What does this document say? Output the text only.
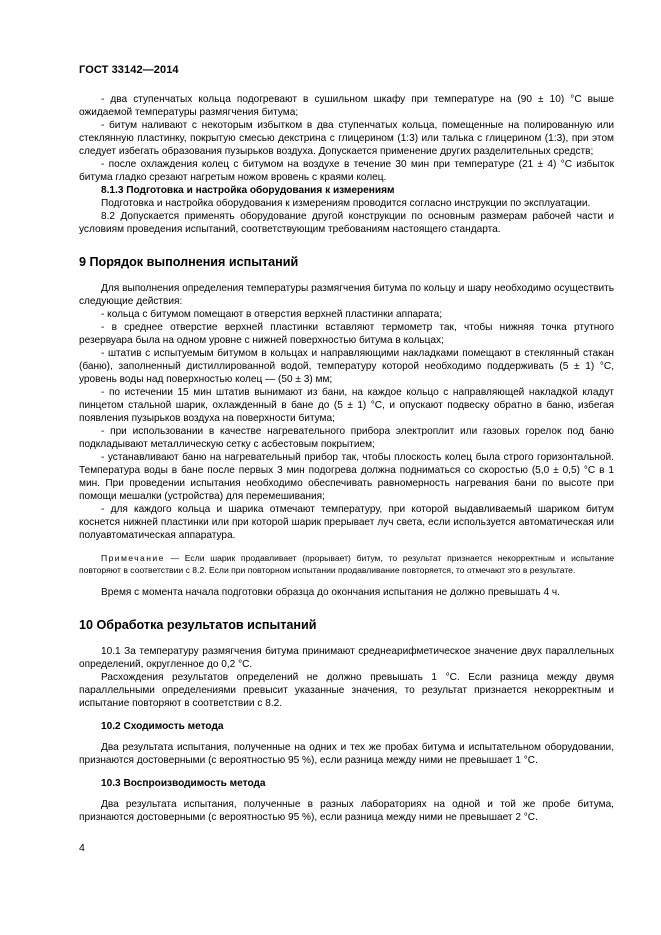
ГОСТ 33142—2014

- два ступенчатых кольца подогревают в сушильном шкафу при температуре на (90 ± 10) °С выше ожидаемой температуры размягчения битума;

- битум наливают с некоторым избытком в два ступенчатых кольца, помещенные на полированную или стеклянную пластинку, покрытую смесью декстрина с глицерином (1:3) или талька с глицерином (1:3), при этом следует избегать образования пузырьков воздуха. Допускается применение других разделительных средств;

- после охлаждения колец с битумом на воздухе в течение 30 мин при температуре (21 ± 4) °С избыток битума гладко срезают нагретым ножом вровень с краями колец.

8.1.3 Подготовка и настройка оборудования к измерениям

Подготовка и настройка оборудования к измерениям проводится согласно инструкции по эксплуатации.

8.2 Допускается применять оборудование другой конструкции по основным размерам рабочей части и условиям проведения испытаний, соответствующим требованиям настоящего стандарта.

9 Порядок выполнения испытаний

Для выполнения определения температуры размягчения битума по кольцу и шару необходимо осуществить следующие действия:

- кольца с битумом помещают в отверстия верхней пластинки аппарата;

- в среднее отверстие верхней пластинки вставляют термометр так, чтобы нижняя точка ртутного резервуара была на одном уровне с нижней поверхностью битума в кольцах;

- штатив с испытуемым битумом в кольцах и направляющими накладками помещают в стеклянный стакан (баню), заполненный дистиллированной водой, температуру которой необходимо поддерживать (5 ± 1) °С, уровень воды над поверхностью колец — (50 ± 3) мм;

- по истечении 15 мин штатив вынимают из бани, на каждое кольцо с направляющей накладкой кладут пинцетом стальной шарик, охлажденный в бане до (5 ± 1) °С, и опускают подвеску обратно в баню, избегая появления пузырьков воздуха на поверхности битума;

- при использовании в качестве нагревательного прибора электроплит или газовых горелок под баню подкладывают металлическую сетку с асбестовым покрытием;

- устанавливают баню на нагревательный прибор так, чтобы плоскость колец была строго горизонтальной. Температура воды в бане после первых 3 мин подогрева должна подниматься со скоростью (5,0 ± 0,5) °С в 1 мин. При проведении испытания необходимо обеспечивать равномерность нагревания бани по высоте при помощи мешалки (устройства) для перемешивания;

- для каждого кольца и шарика отмечают температуру, при которой выдавливаемый шариком битум коснется нижней пластинки или при которой шарик прерывает луч света, если используется автоматическая или полуавтоматическая аппаратура.

Примечание — Если шарик продавливает (прорывает) битум, то результат признается некорректным и испытание повторяют в соответствии с 8.2. Если при повторном испытании продавливание повторяется, то отмечают это в результате.

Время с момента начала подготовки образца до окончания испытания не должно превышать 4 ч.

10 Обработка результатов испытаний

10.1 За температуру размягчения битума принимают среднеарифметическое значение двух параллельных определений, округленное до 0,2 °С.

Расхождения результатов определений не должно превышать 1 °С. Если разница между двумя параллельными определениями превысит указанные значения, то результат признается некорректным и испытание повторяют в соответствии с 8.2.

10.2 Сходимость метода

Два результата испытания, полученные на одних и тех же пробах битума и испытательном оборудовании, признаются достоверными (с вероятностью 95 %), если разница между ними не превышает 1 °С.

10.3 Воспроизводимость метода

Два результата испытания, полученные в разных лабораториях на одной и той же пробе битума, признаются достоверными (с вероятностью 95 %), если разница между ними не превышает 2 °С.

4
